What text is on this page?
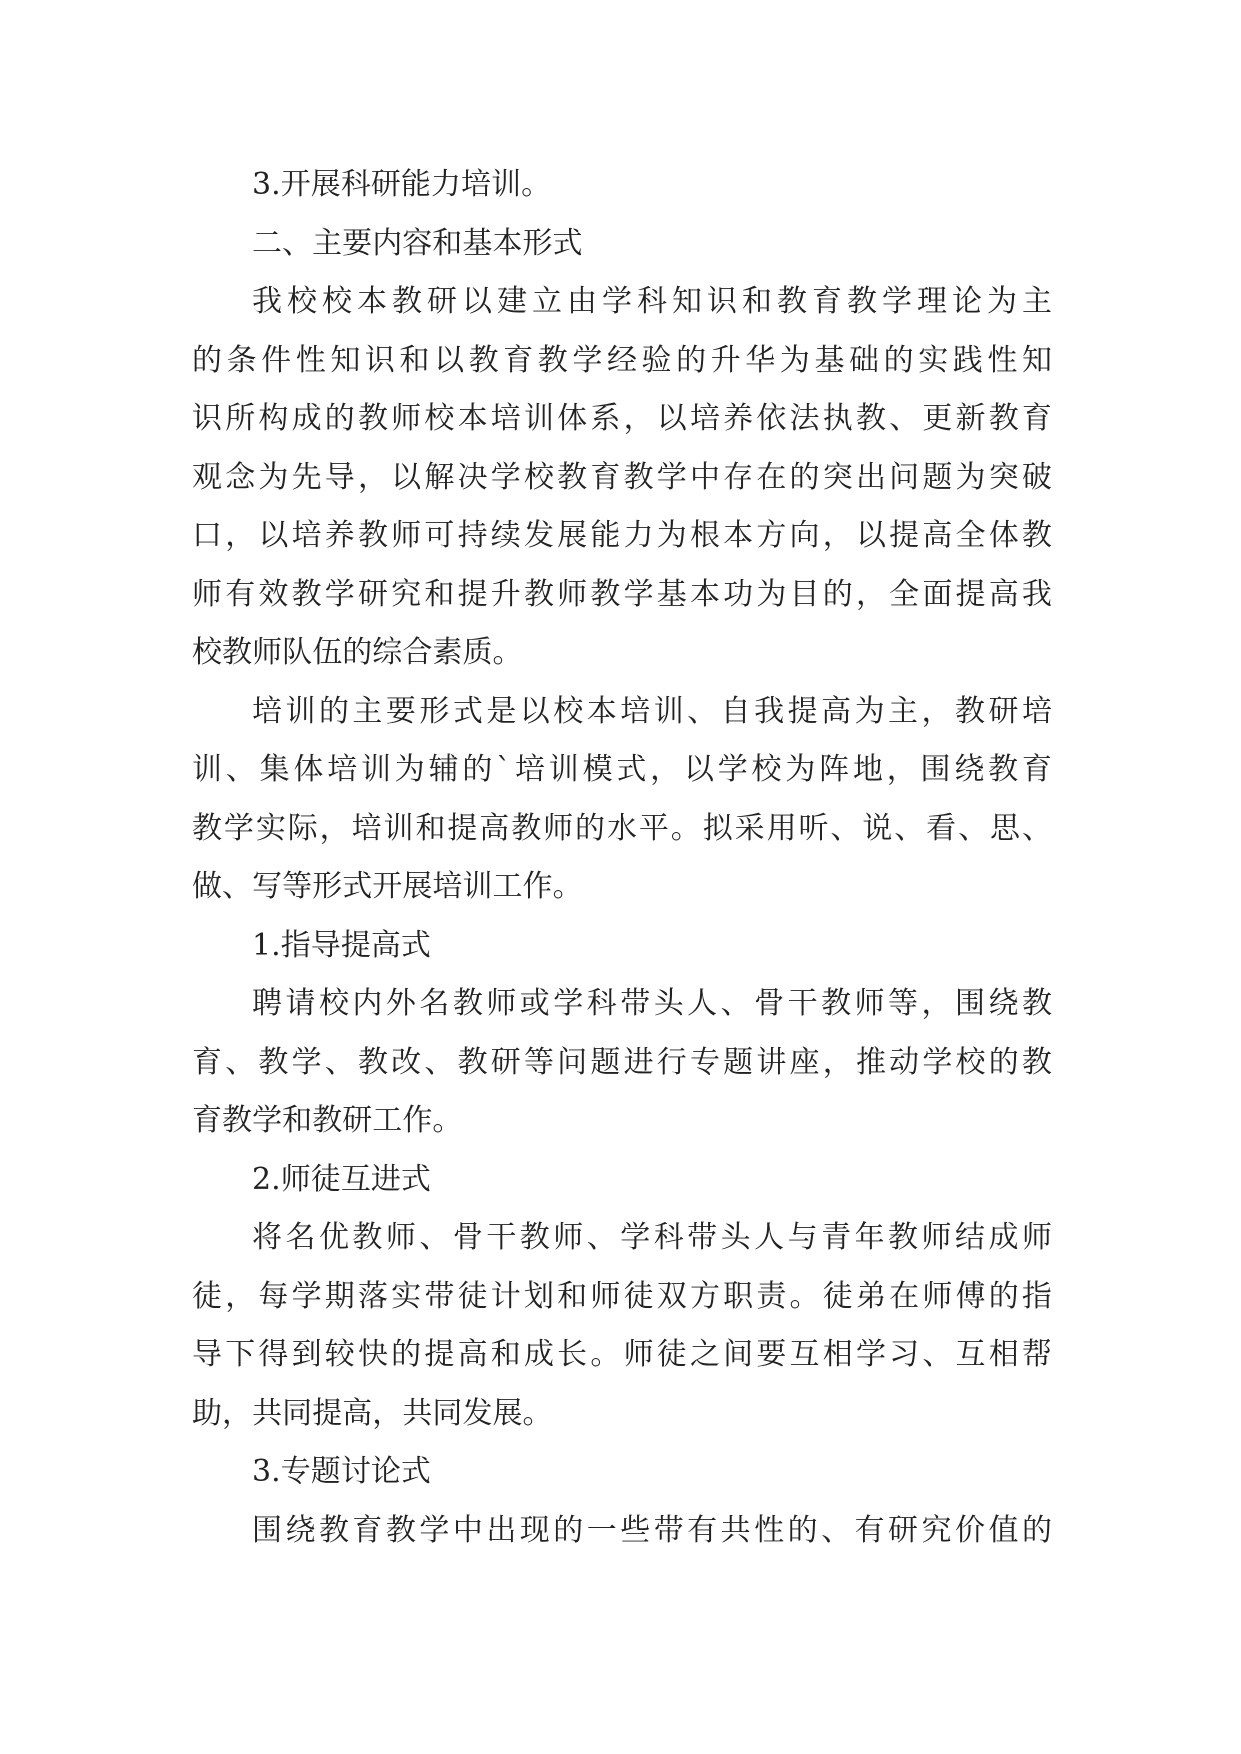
3.开展科研能力培训。
二、主要内容和基本形式
我校校本教研以建立由学科知识和教育教学理论为主
的条件性知识和以教育教学经验的升华为基础的实践性知
识所构成的教师校本培训体系，以培养依法执教、更新教育
观念为先导，以解决学校教育教学中存在的突出问题为突破
口，以培养教师可持续发展能力为根本方向，以提高全体教
师有效教学研究和提升教师教学基本功为目的，全面提高我
校教师队伍的综合素质。
培训的主要形式是以校本培训、自我提高为主，教研培
训、集体培训为辅的`培训模式，以学校为阵地，围绕教育
教学实际，培训和提高教师的水平。拟采用听、说、看、思、
做、写等形式开展培训工作。
1.指导提高式
聘请校内外名教师或学科带头人、骨干教师等，围绕教
育、教学、教改、教研等问题进行专题讲座，推动学校的教
育教学和教研工作。
2.师徒互进式
将名优教师、骨干教师、学科带头人与青年教师结成师
徒，每学期落实带徒计划和师徒双方职责。徒弟在师傅的指
导下得到较快的提高和成长。师徒之间要互相学习、互相帮
助，共同提高，共同发展。
3.专题讨论式
围绕教育教学中出现的一些带有共性的、有研究价值的
